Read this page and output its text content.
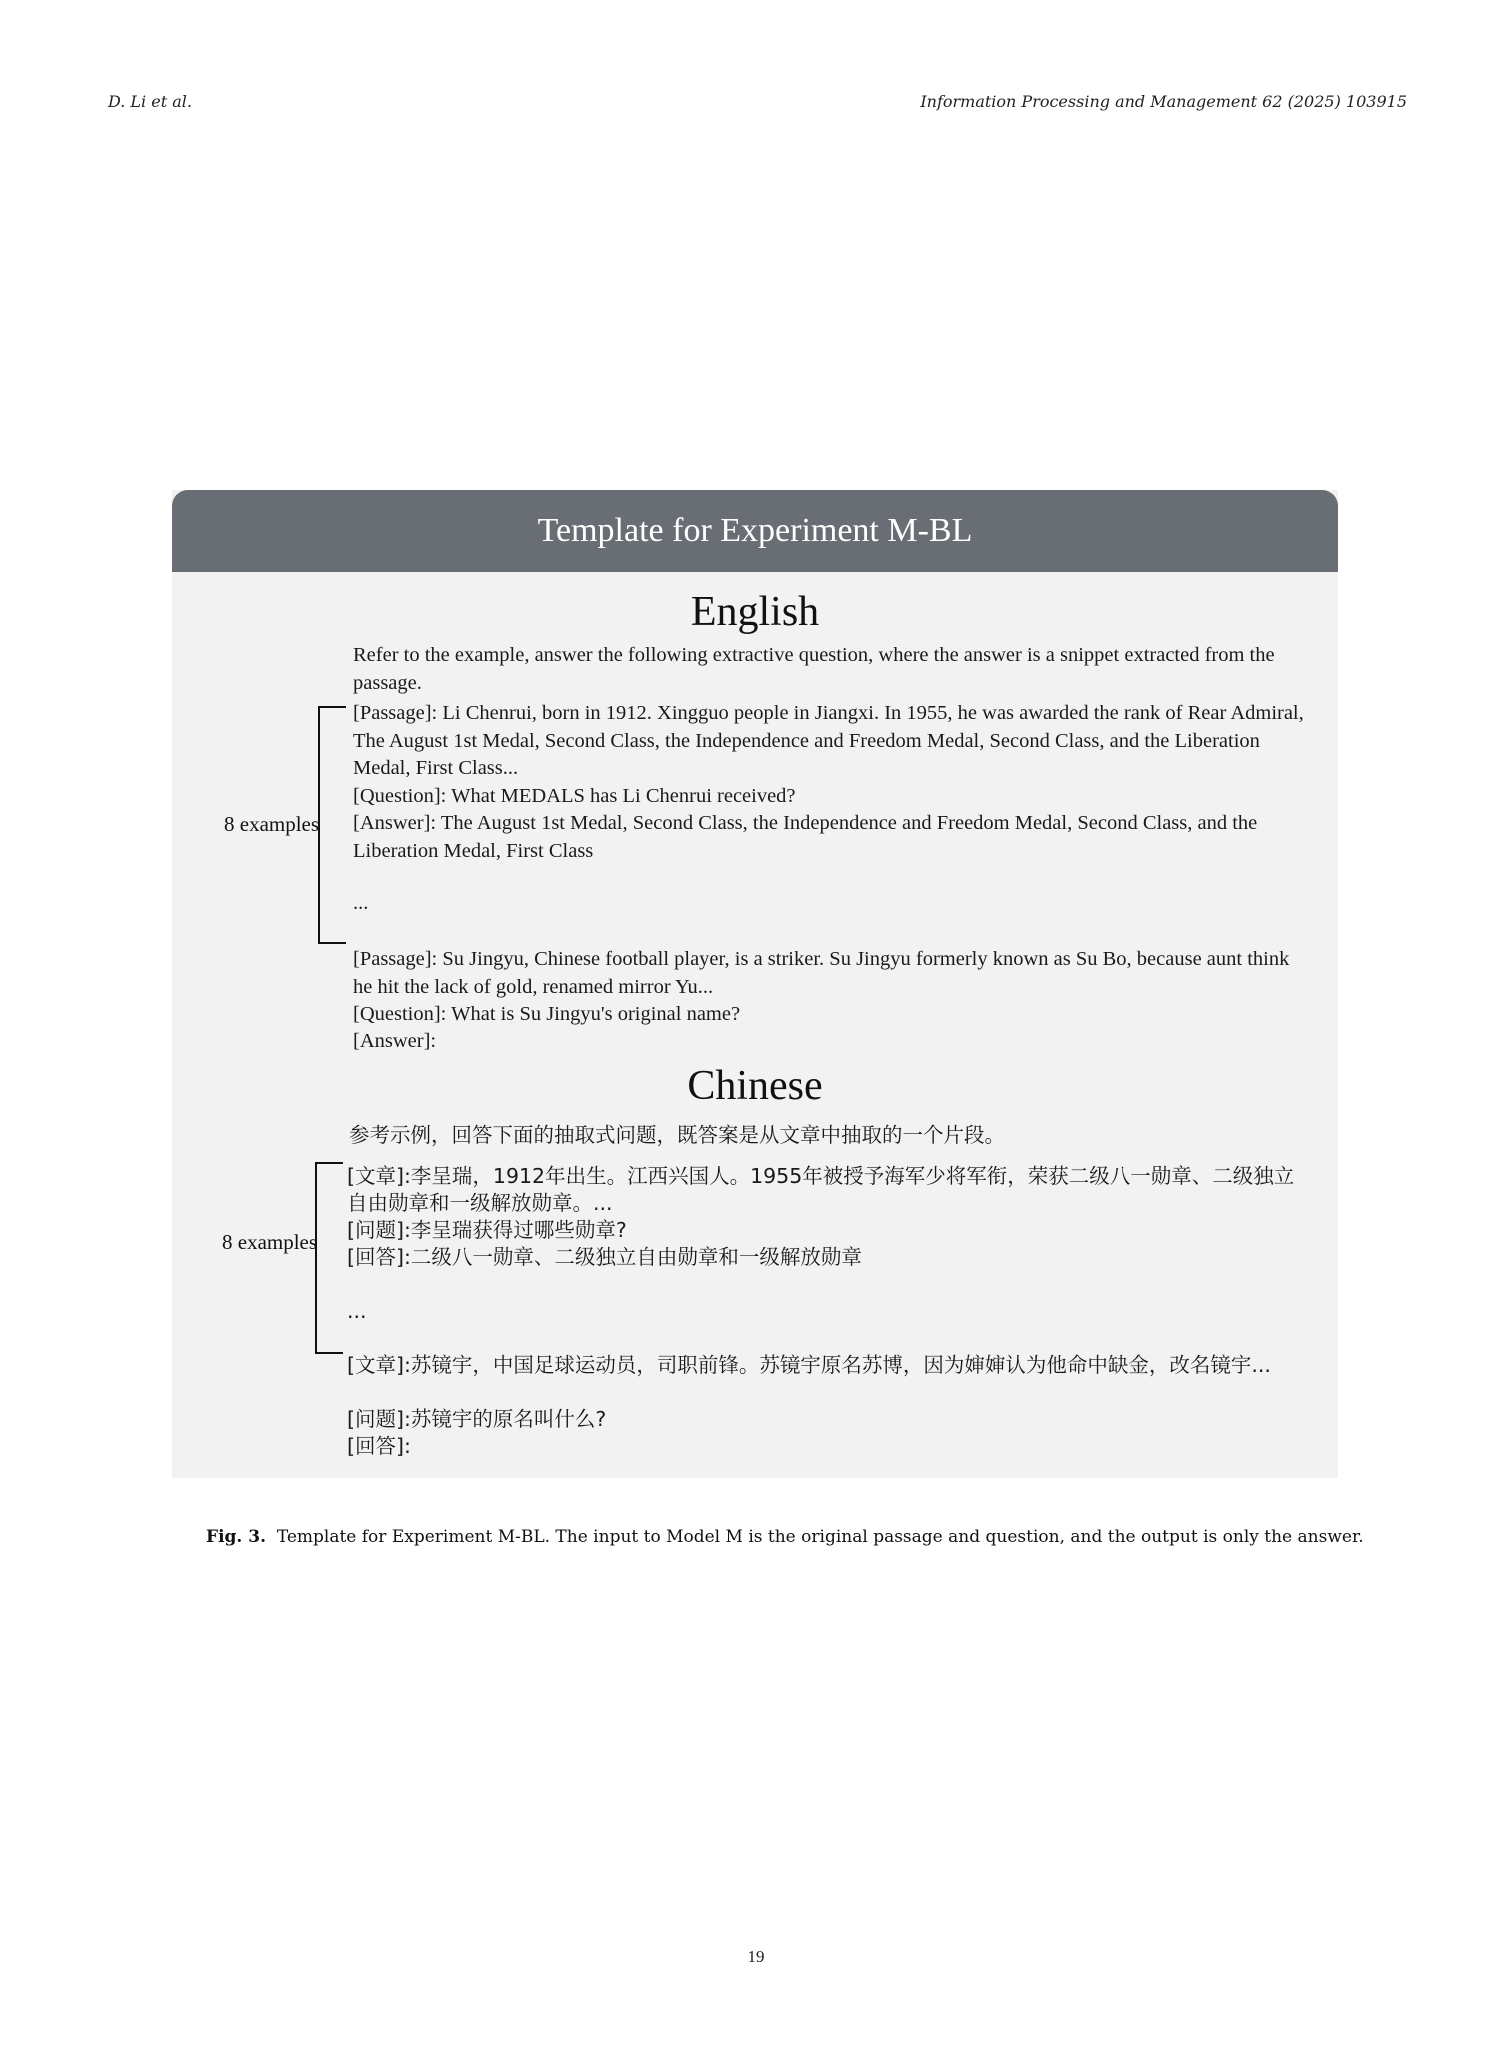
D. Li et al.	Information Processing and Management 62 (2025) 103915
Template for Experiment M-BL
English
Refer to the example, answer the following extractive question, where the answer is a snippet extracted from the passage.
8 examples
[Passage]: Li Chenrui, born in 1912. Xingguo people in Jiangxi. In 1955, he was awarded the rank of Rear Admiral, The August 1st Medal, Second Class, the Independence and Freedom Medal, Second Class, and the Liberation Medal, First Class...
[Question]: What MEDALS has Li Chenrui received?
[Answer]: The August 1st Medal, Second Class, the Independence and Freedom Medal, Second Class, and the Liberation Medal, First Class
...
[Passage]: Su Jingyu, Chinese football player, is a striker. Su Jingyu formerly known as Su Bo, because aunt think he hit the lack of gold, renamed mirror Yu...
[Question]: What is Su Jingyu's original name?
[Answer]:
Chinese
参考示例，回答下面的抽取式问题，既答案是从文章中抽取的一个片段。
8 examples
[文章]:李呈瑞，1912年出生。江西兴国人。1955年被授予海军少将军衔，荣获二级八一勋章、二级独立自由勋章和一级解放勋章。...
[问题]:李呈瑞获得过哪些勋章?
[回答]:二级八一勋章、二级独立自由勋章和一级解放勋章
...
[文章]:苏镜宇，中国足球运动员，司职前锋。苏镜宇原名苏博，因为婶婶认为他命中缺金，改名镜宇...
[问题]:苏镜宇的原名叫什么?
[回答]:
Fig. 3. Template for Experiment M-BL. The input to Model M is the original passage and question, and the output is only the answer.
19
